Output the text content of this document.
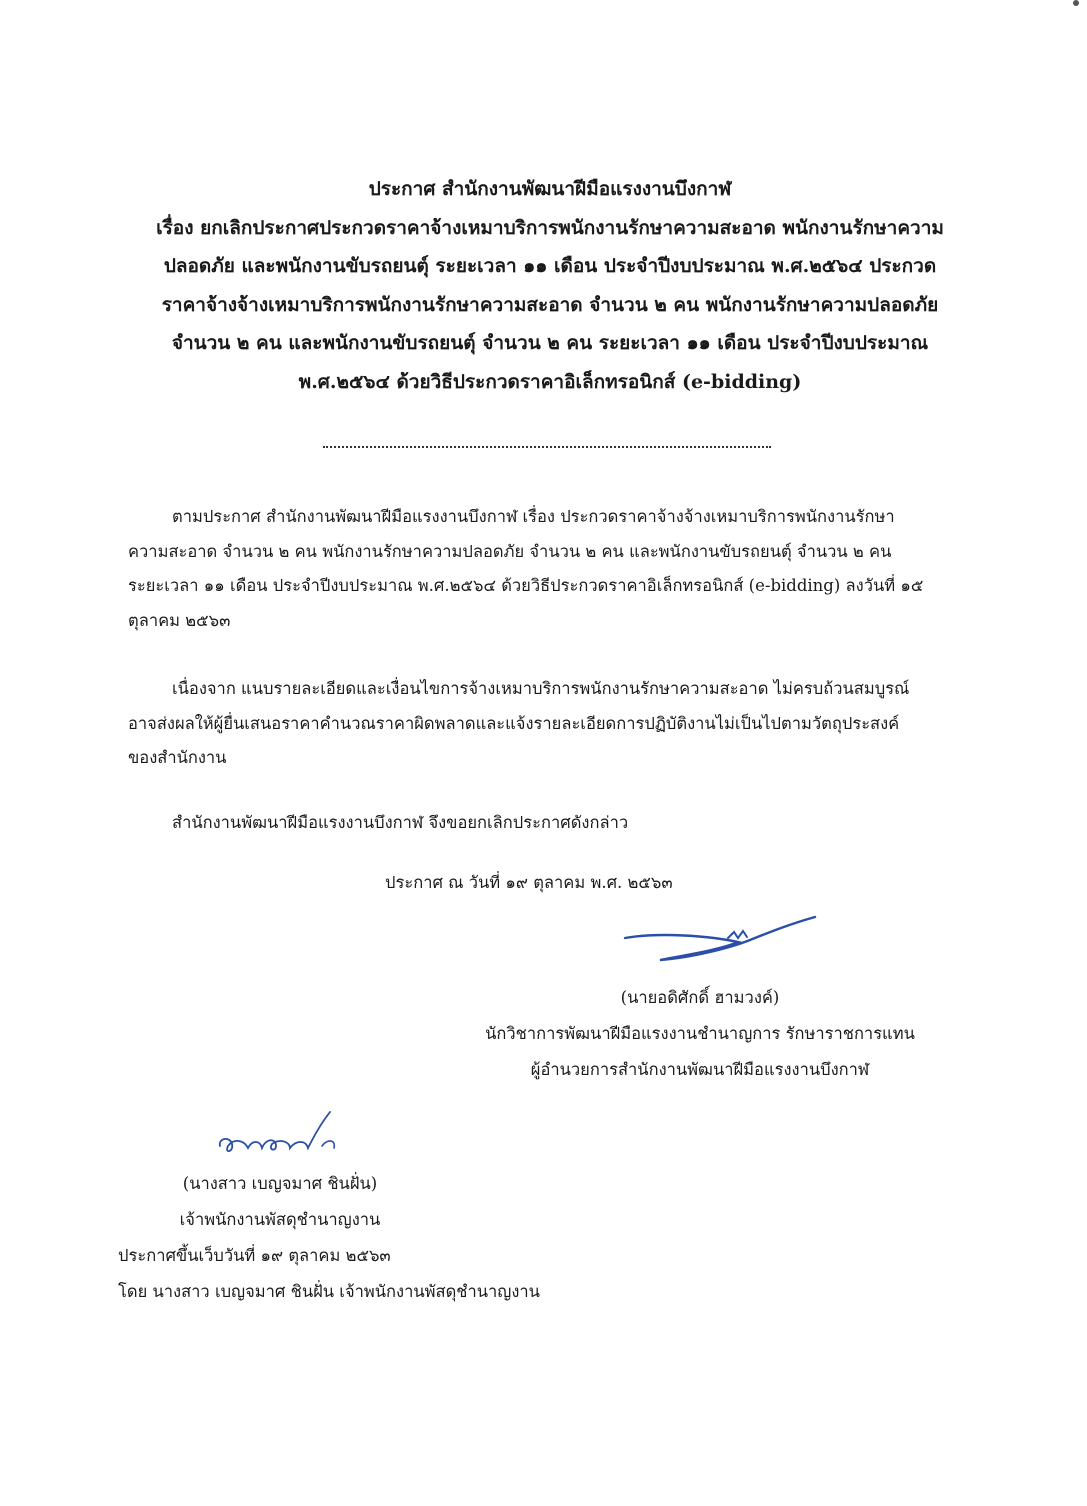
ประกาศ สำนักงานพัฒนาฝีมือแรงงานบึงกาฬ
เรื่อง ยกเลิกประกาศประกวดราคาจ้างเหมาบริการพนักงานรักษาความสะอาด พนักงานรักษาความ
ปลอดภัย และพนักงานขับรถยนต์ุ ระยะเวลา ๑๑ เดือน ประจำปีงบประมาณ พ.ศ.๒๕๖๔ ประกวด
ราคาจ้างจ้างเหมาบริการพนักงานรักษาความสะอาด จำนวน ๒ คน พนักงานรักษาความปลอดภัย
จำนวน ๒ คน และพนักงานขับรถยนต์ุ จำนวน ๒ คน ระยะเวลา ๑๑ เดือน ประจำปีงบประมาณ
พ.ศ.๒๕๖๔ ด้วยวิธีประกวดราคาอิเล็กทรอนิกส์ (e-bidding)
ตามประกาศ สำนักงานพัฒนาฝีมือแรงงานบึงกาฬ เรื่อง ประกวดราคาจ้างจ้างเหมาบริการพนักงานรักษา
ความสะอาด จำนวน ๒ คน พนักงานรักษาความปลอดภัย จำนวน ๒ คน และพนักงานขับรถยนต์ุ จำนวน ๒ คน
ระยะเวลา ๑๑ เดือน ประจำปีงบประมาณ พ.ศ.๒๕๖๔ ด้วยวิธีประกวดราคาอิเล็กทรอนิกส์ (e-bidding) ลงวันที่ ๑๕
ตุลาคม ๒๕๖๓
เนื่องจาก แนบรายละเอียดและเงื่อนไขการจ้างเหมาบริการพนักงานรักษาความสะอาด ไม่ครบถ้วนสมบูรณ์
อาจส่งผลให้ผู้ยื่นเสนอราคาคำนวณราคาผิดพลาดและแจ้งรายละเอียดการปฏิบัติงานไม่เป็นไปตามวัตถุประสงค์
ของสำนักงาน
สำนักงานพัฒนาฝีมือแรงงานบึงกาฬ จึงขอยกเลิกประกาศดังกล่าว
ประกาศ ณ วันที่ ๑๙ ตุลาคม พ.ศ. ๒๕๖๓
(นายอดิศักดิ์ ฮามวงค์)
นักวิชาการพัฒนาฝีมือแรงงานชำนาญการ รักษาราชการแทน
ผู้อำนวยการสำนักงานพัฒนาฝีมือแรงงานบึงกาฬ
(นางสาว เบญจมาศ ชินฝั่น)
เจ้าพนักงานพัสดุชำนาญงาน
ประกาศขึ้นเว็บวันที่ ๑๙ ตุลาคม ๒๕๖๓
โดย นางสาว เบญจมาศ ชินฝั่น เจ้าพนักงานพัสดุชำนาญงาน
